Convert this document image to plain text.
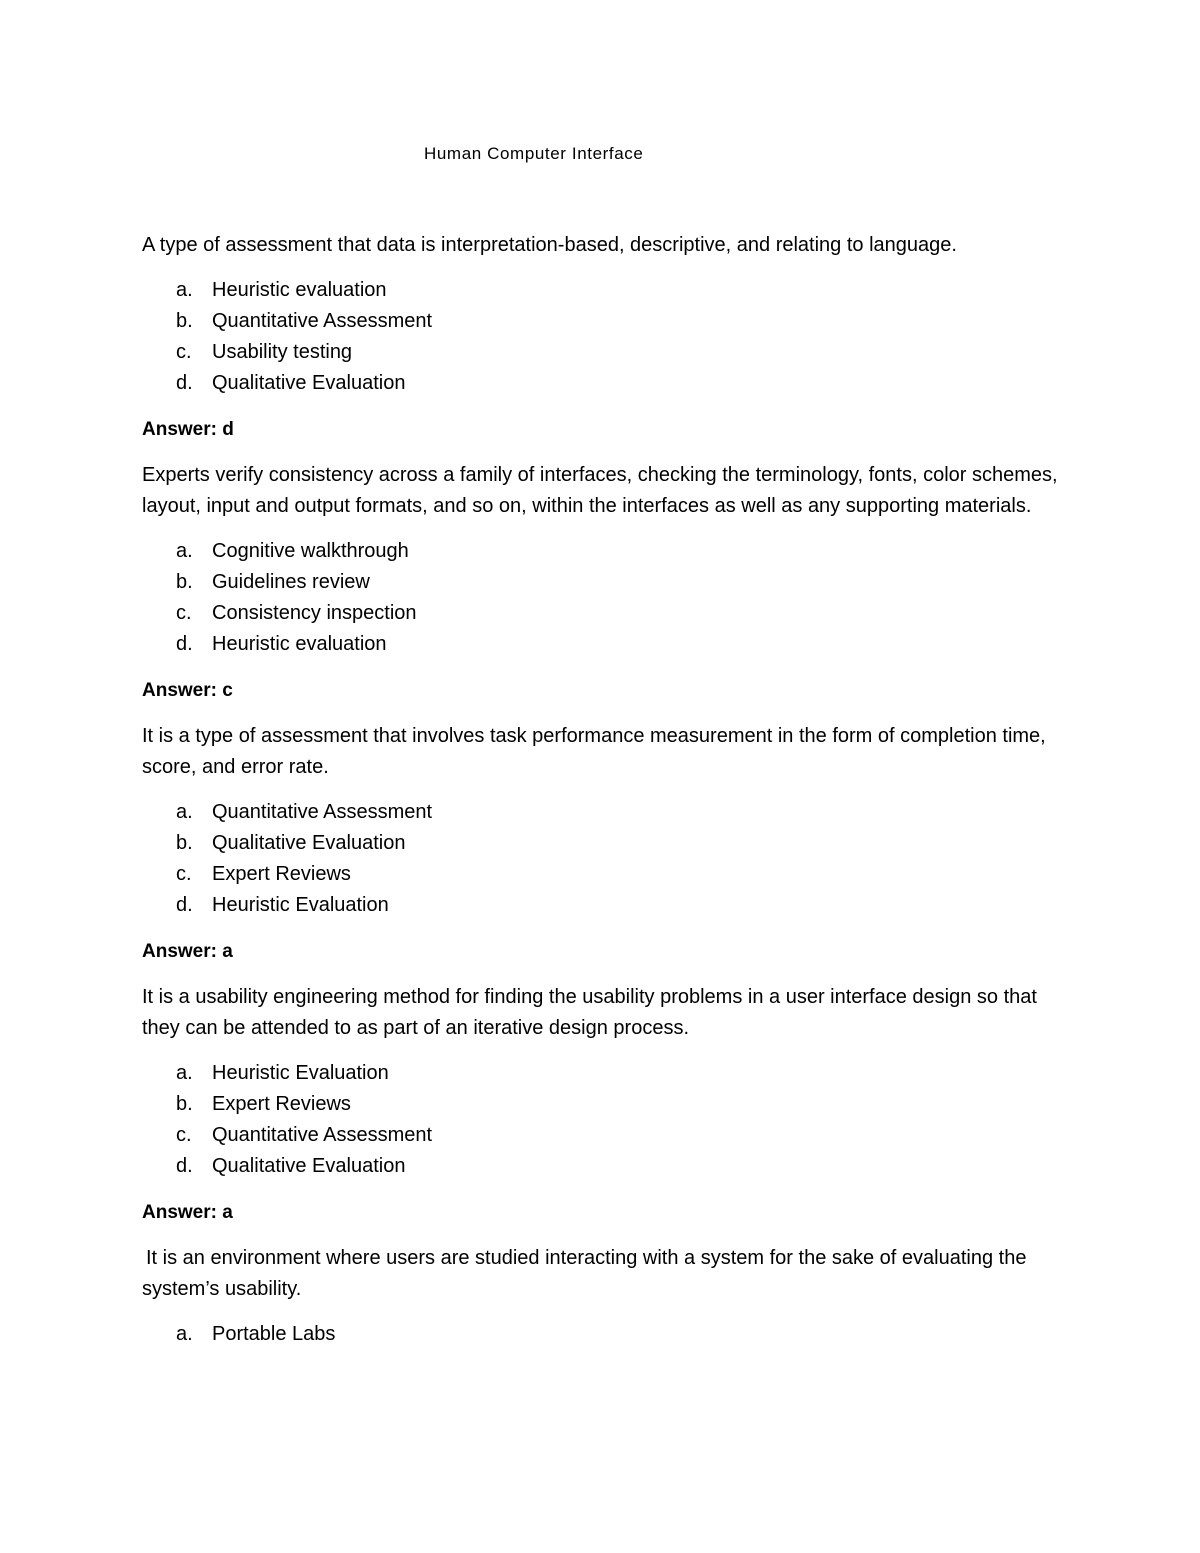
Human Computer Interface

A type of assessment that data is interpretation-based, descriptive, and relating to language.

a. Heuristic evaluation
b. Quantitative Assessment
c. Usability testing
d. Qualitative Evaluation

Answer: d

Experts verify consistency across a family of interfaces, checking the terminology, fonts, color schemes, layout, input and output formats, and so on, within the interfaces as well as any supporting materials.

a. Cognitive walkthrough
b. Guidelines review
c. Consistency inspection
d. Heuristic evaluation

Answer: c

It is a type of assessment that involves task performance measurement in the form of completion time, score, and error rate.

a. Quantitative Assessment
b. Qualitative Evaluation
c. Expert Reviews
d. Heuristic Evaluation

Answer: a

It is a usability engineering method for finding the usability problems in a user interface design so that they can be attended to as part of an iterative design process.

a. Heuristic Evaluation
b. Expert Reviews
c. Quantitative Assessment
d. Qualitative Evaluation

Answer: a

It is an environment where users are studied interacting with a system for the sake of evaluating the system’s usability.

a. Portable Labs
